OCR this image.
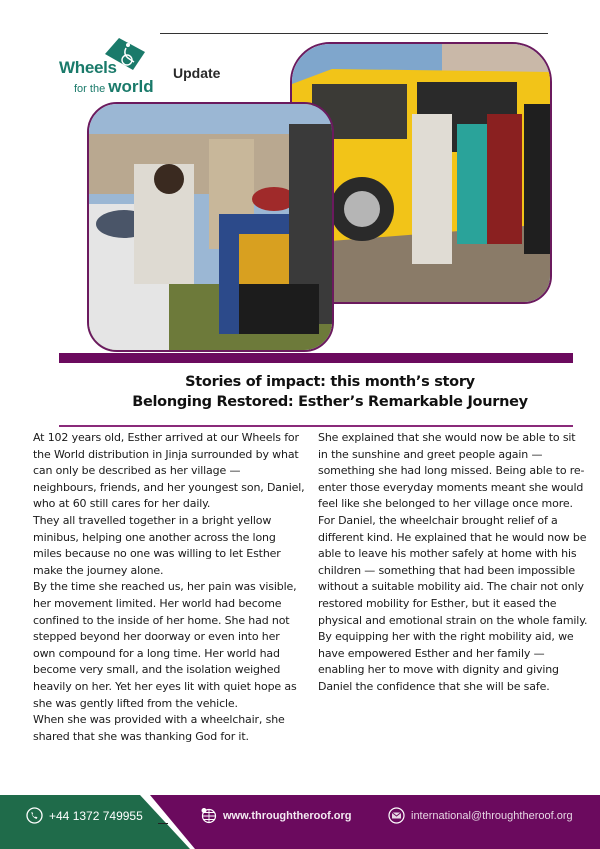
Wheels
for the world
Update
Stories of impact: this month’s story
Belonging Restored: Esther’s Remarkable Journey

At 102 years old, Esther arrived at our Wheels for the World distribution in Jinja surrounded by what can only be described as her village — neighbours, friends, and her youngest son, Daniel, who at 60 still cares for her daily.

They all travelled together in a bright yellow minibus, helping one another across the long miles because no one was willing to let Esther make the journey alone.

By the time she reached us, her pain was visible, her movement limited. Her world had become confined to the inside of her home. She had not stepped beyond her doorway or even into her own compound for a long time. Her world had become very small, and the isolation weighed heavily on her. Yet her eyes lit with quiet hope as she was gently lifted from the vehicle.

When she was provided with a wheelchair, she shared that she was thanking God for it.

She explained that she would now be able to sit in the sunshine and greet people again — something she had long missed. Being able to re-enter those everyday moments meant she would feel like she belonged to her village once more.

For Daniel, the wheelchair brought relief of a different kind. He explained that he would now be able to leave his mother safely at home with his children — something that had been impossible without a suitable mobility aid. The chair not only restored mobility for Esther, but it eased the physical and emotional strain on the whole family.

By equipping her with the right mobility aid, we have empowered Esther and her family — enabling her to move with dignity and giving Daniel the confidence that she will be safe.

+44 1372 749955	www.throughtheroof.org	international@throughtheroof.org
